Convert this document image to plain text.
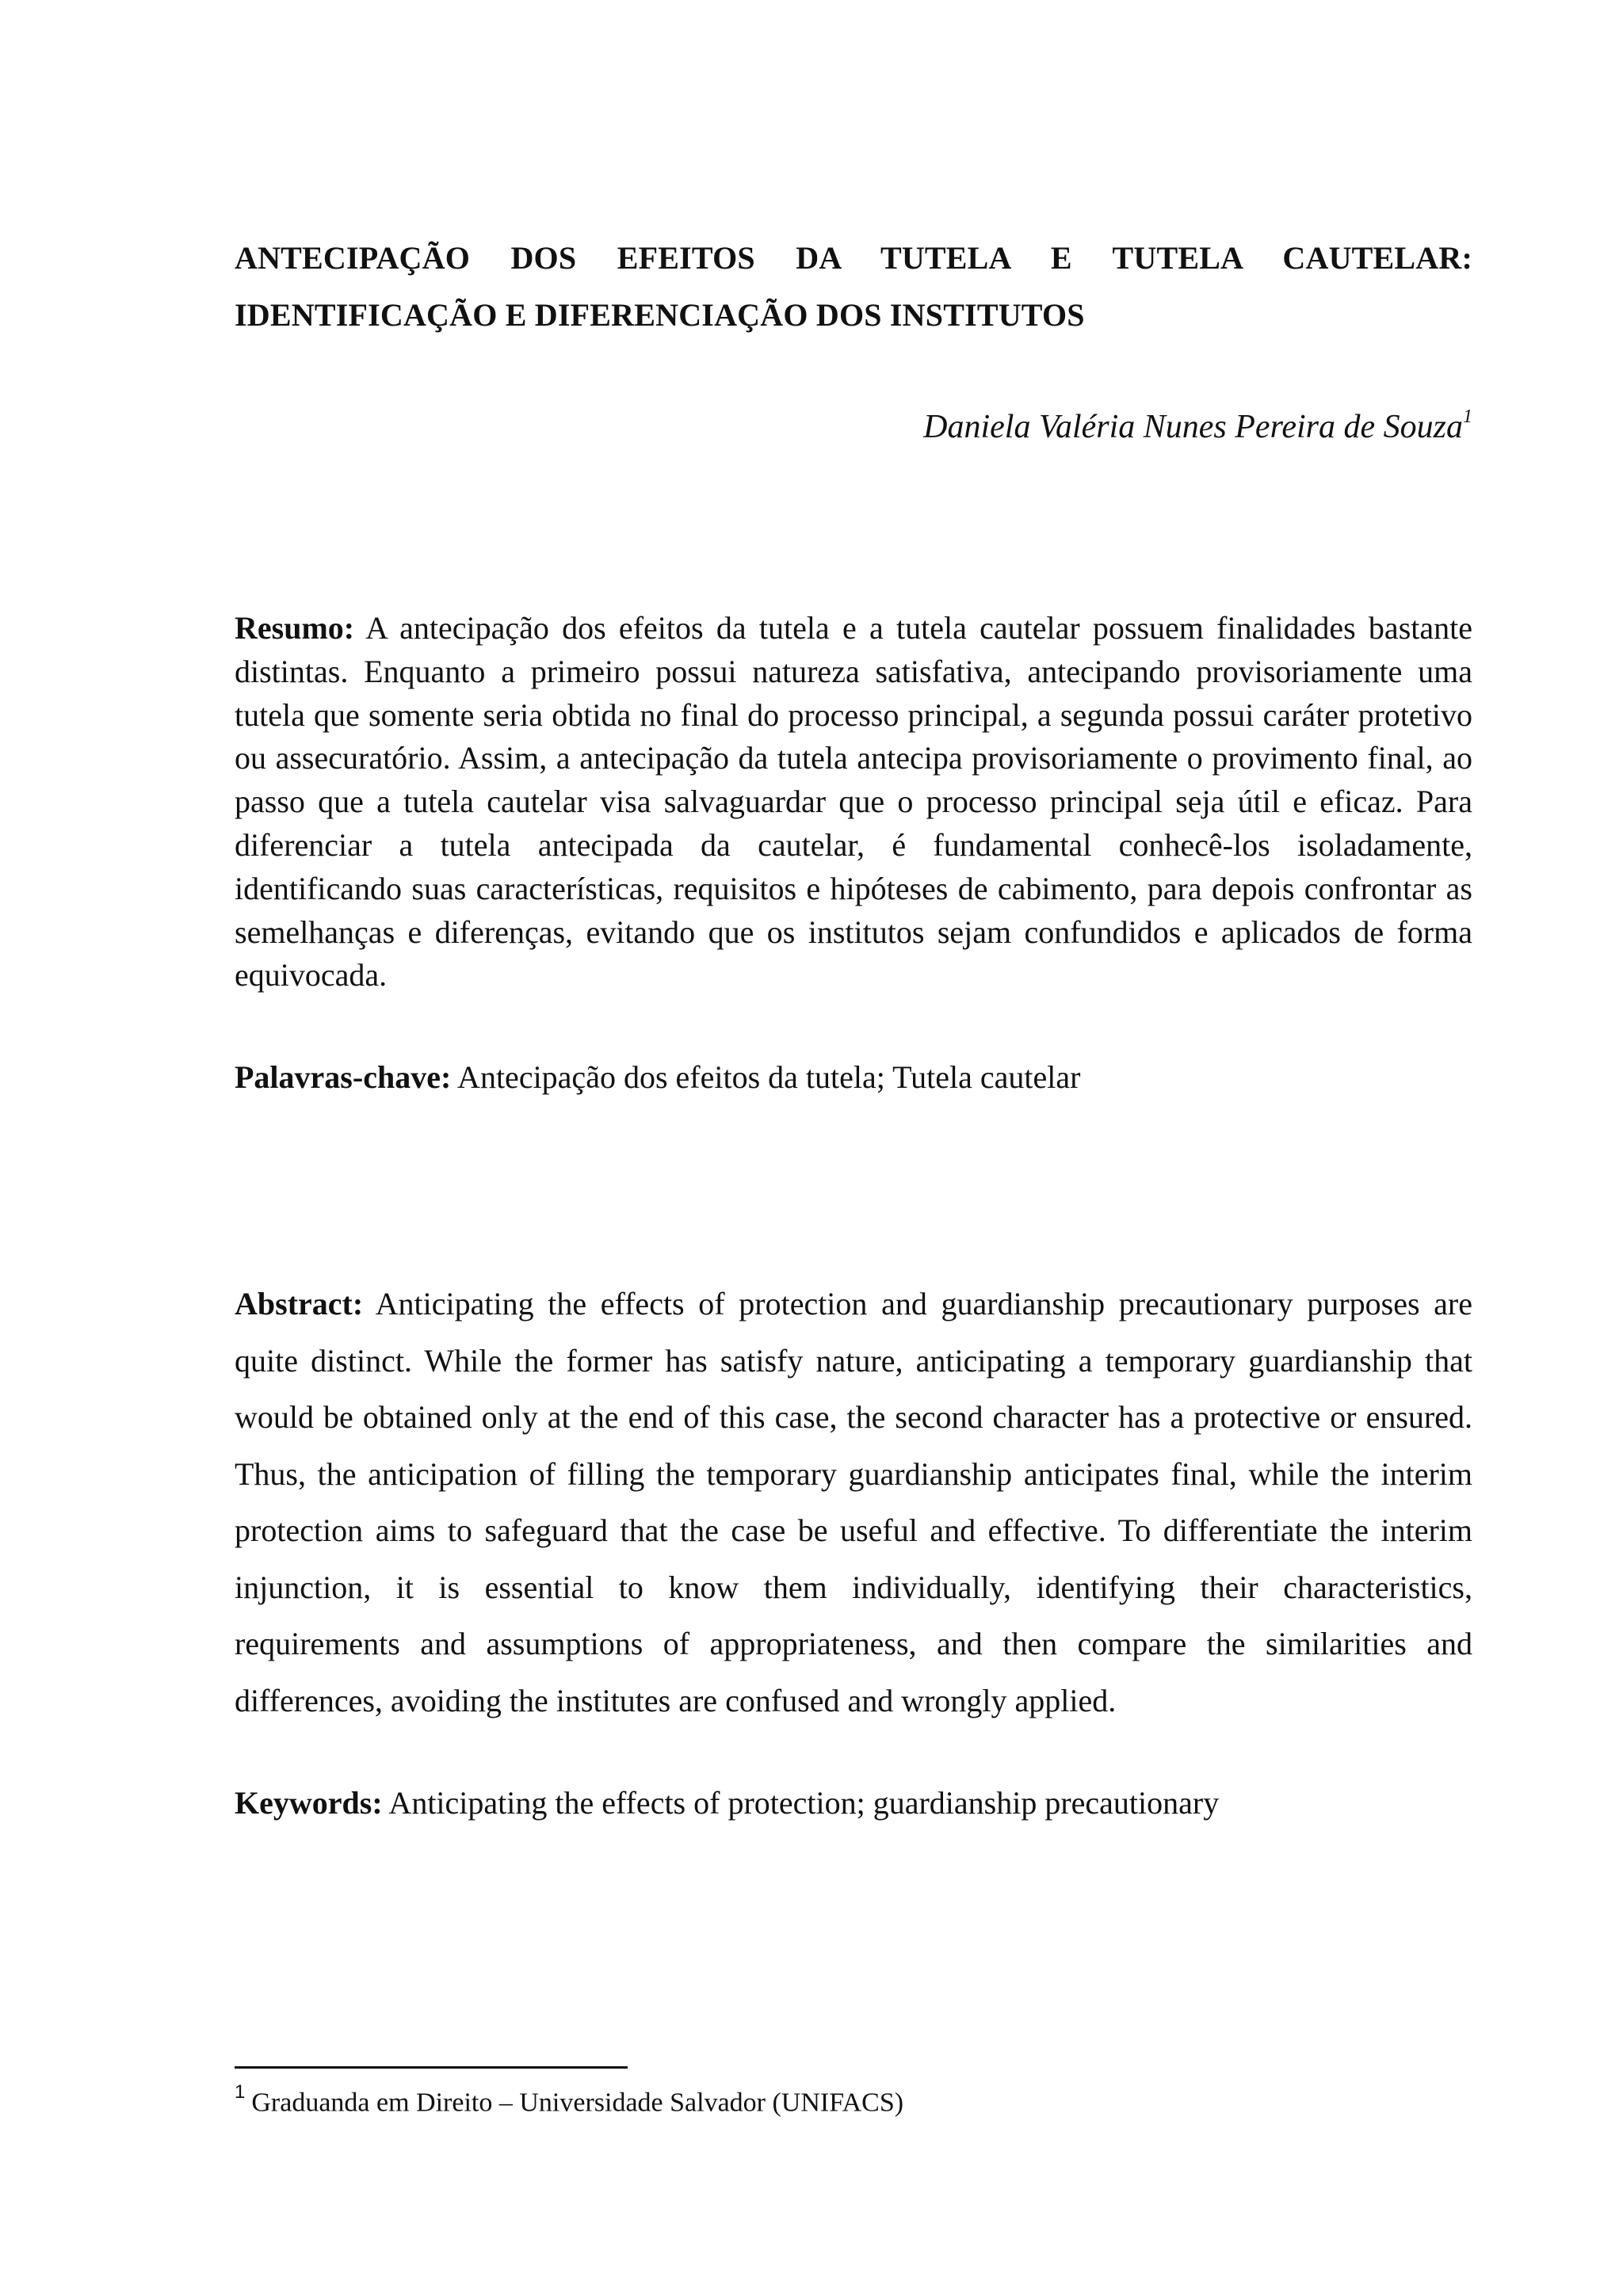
ANTECIPAÇÃO DOS EFEITOS DA TUTELA E TUTELA CAUTELAR:
IDENTIFICAÇÃO E DIFERENCIAÇÃO DOS INSTITUTOS
Daniela Valéria Nunes Pereira de Souza$^1$

Resumo: A antecipação dos efeitos da tutela e a tutela cautelar possuem finalidades bastante distintas. Enquanto a primeiro possui natureza satisfativa, antecipando provisoriamente uma tutela que somente seria obtida no final do processo principal, a segunda possui caráter protetivo ou assecuratório. Assim, a antecipação da tutela antecipa provisoriamente o provimento final, ao passo que a tutela cautelar visa salvaguardar que o processo principal seja útil e eficaz. Para diferenciar a tutela antecipada da cautelar, é fundamental conhecê-los isoladamente, identificando suas características, requisitos e hipóteses de cabimento, para depois confrontar as semelhanças e diferenças, evitando que os institutos sejam confundidos e aplicados de forma equivocada.

Palavras-chave: Antecipação dos efeitos da tutela; Tutela cautelar

Abstract: Anticipating the effects of protection and guardianship precautionary purposes are quite distinct. While the former has satisfy nature, anticipating a temporary guardianship that would be obtained only at the end of this case, the second character has a protective or ensured. Thus, the anticipation of filling the temporary guardianship anticipates final, while the interim protection aims to safeguard that the case be useful and effective. To differentiate the interim injunction, it is essential to know them individually, identifying their characteristics, requirements and assumptions of appropriateness, and then compare the similarities and differences, avoiding the institutes are confused and wrongly applied.

Keywords: Anticipating the effects of protection; guardianship precautionary
$^1$ Graduanda em Direito – Universidade Salvador (UNIFACS)
